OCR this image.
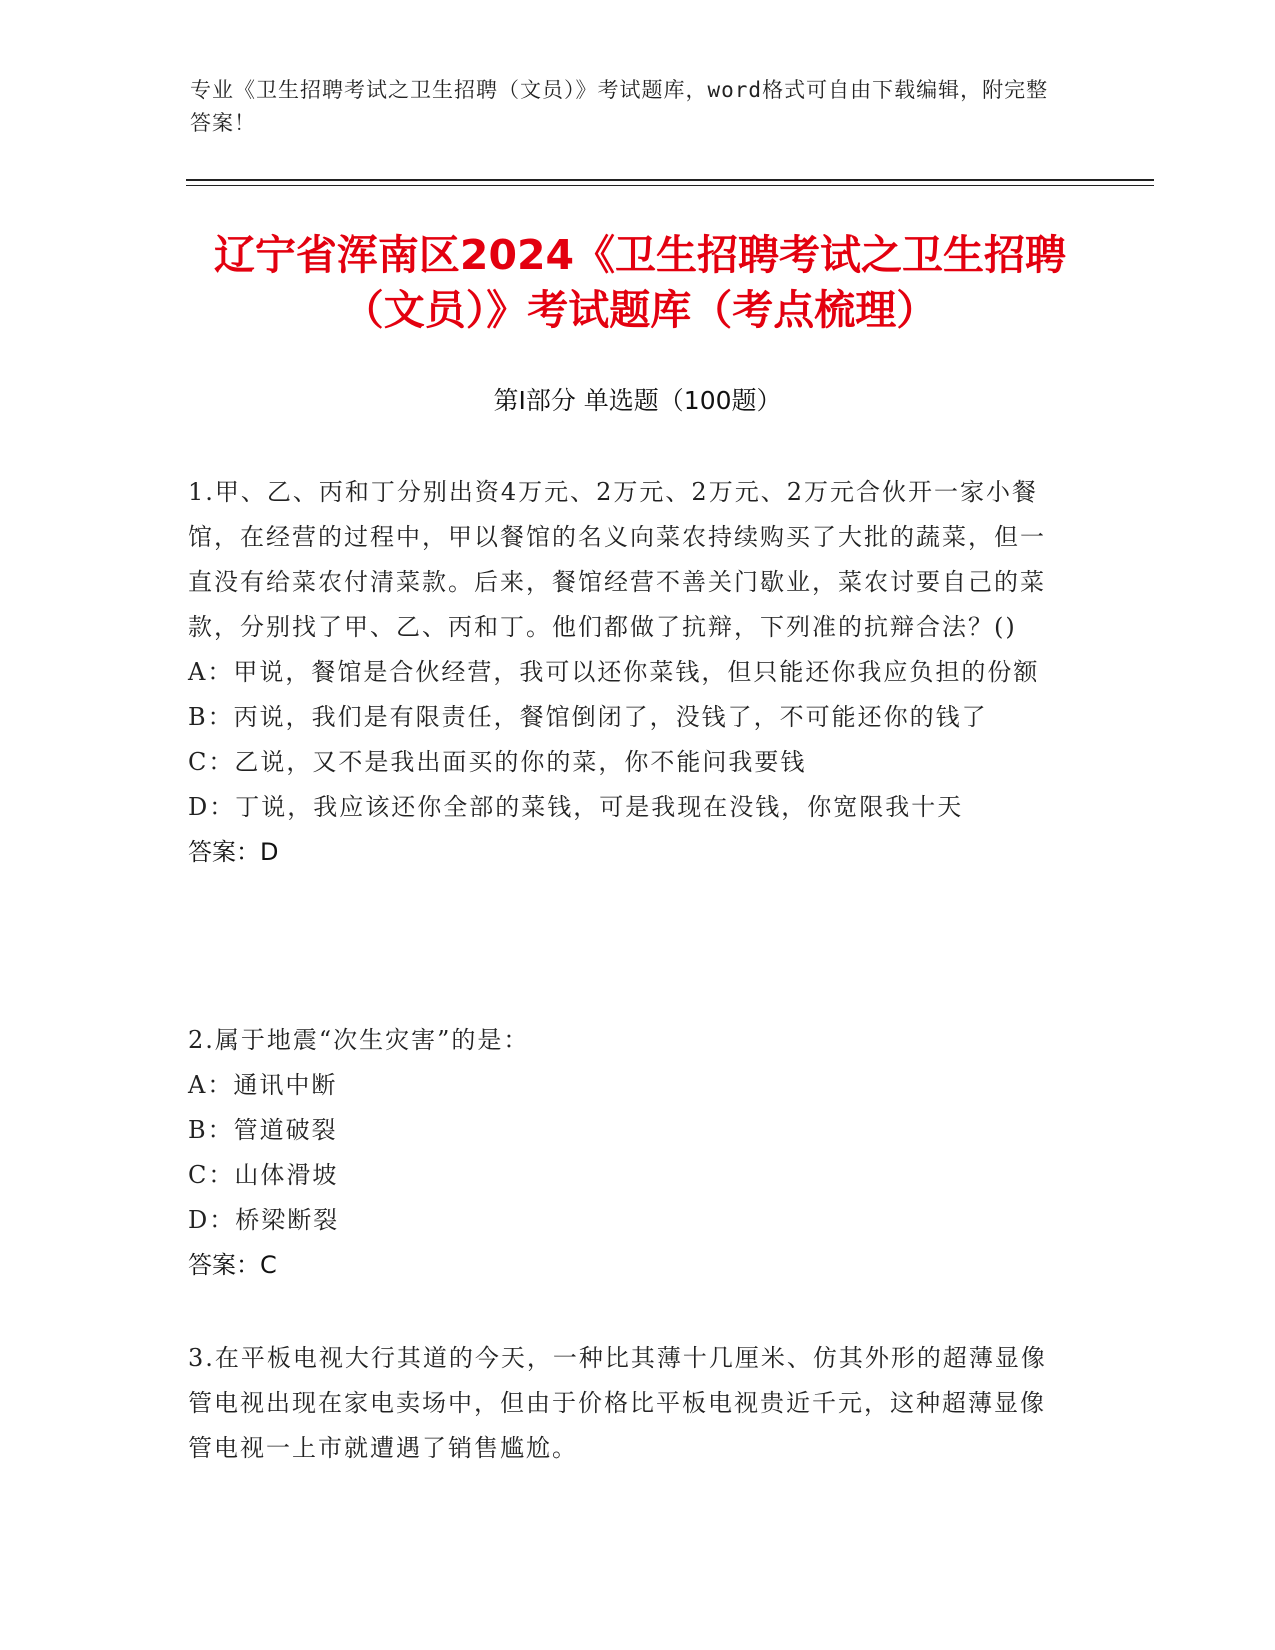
专业《卫生招聘考试之卫生招聘（文员）》考试题库，word格式可自由下载编辑，附完整答案！
辽宁省浑南区2024《卫生招聘考试之卫生招聘（文员）》考试题库（考点梳理）
第I部分 单选题（100题）

1.甲、乙、丙和丁分别出资4万元、2万元、2万元、2万元合伙开一家小餐馆，在经营的过程中，甲以餐馆的名义向菜农持续购买了大批的蔬菜，但一直没有给菜农付清菜款。后来，餐馆经营不善关门歇业，菜农讨要自己的菜款，分别找了甲、乙、丙和丁。他们都做了抗辩，下列准的抗辩合法？()

A：甲说，餐馆是合伙经营，我可以还你菜钱，但只能还你我应负担的份额

B：丙说，我们是有限责任，餐馆倒闭了，没钱了，不可能还你的钱了

C：乙说，又不是我出面买的你的菜，你不能问我要钱

D：丁说，我应该还你全部的菜钱，可是我现在没钱，你宽限我十天

答案：D

2.属于地震“次生灾害”的是：

A：通讯中断

B：管道破裂

C：山体滑坡

D：桥梁断裂

答案：C

3.在平板电视大行其道的今天，一种比其薄十几厘米、仿其外形的超薄显像管电视出现在家电卖场中，但由于价格比平板电视贵近千元，这种超薄显像管电视一上市就遭遇了销售尴尬。
